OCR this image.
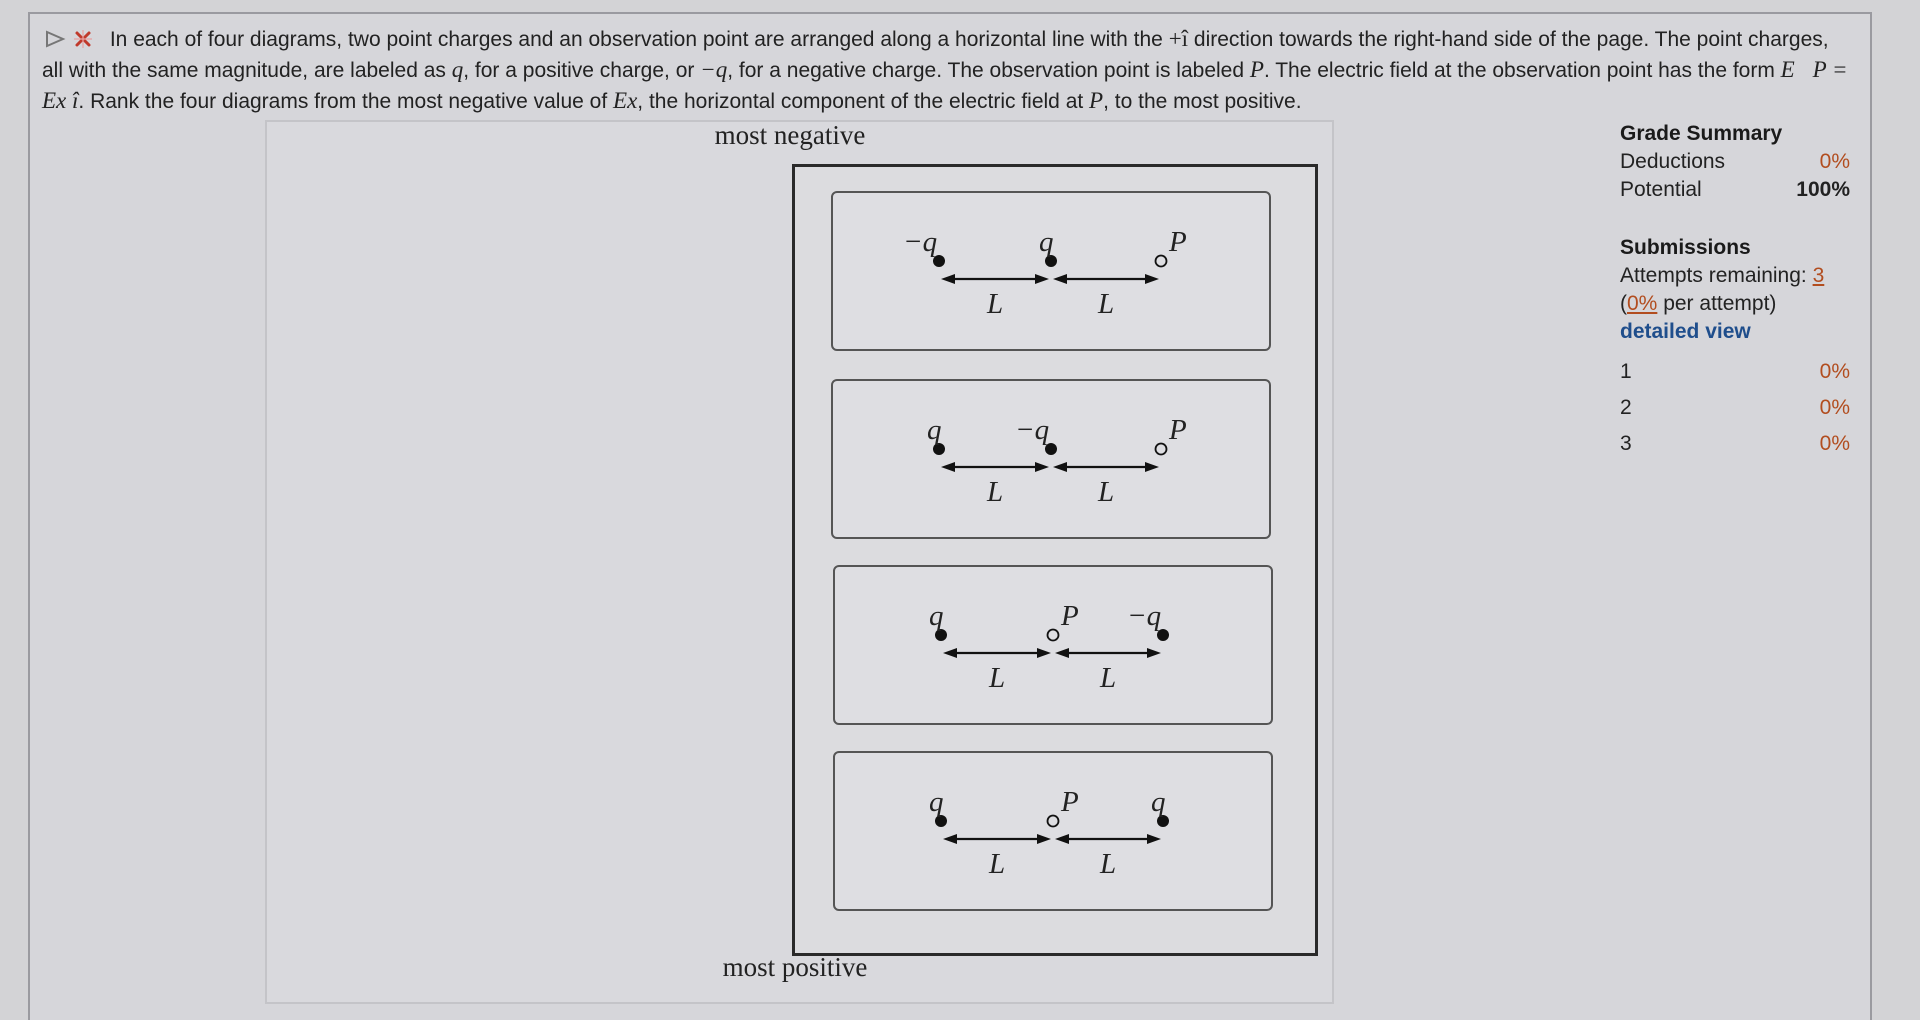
In each of four diagrams, two point charges and an observation point are arranged along a horizontal line with the +î direction towards the right-hand side of the page. The point charges, all with the same magnitude, are labeled as q, for a positive charge, or −q, for a negative charge. The observation point is labeled P. The electric field at the observation point has the form E⃗P = Ex î. Rank the four diagrams from the most negative value of Ex, the horizontal component of the electric field at P, to the most positive.
most negative
−q	q	P
L	L
q	−q	P
L	L
q	P −q
L	L
q	P q
L	L
most positive
Grade Summary
Deductions	0%
Potential	100%
Submissions
Attempts remaining: 3
(0% per attempt)
detailed view
1	0%
2	0%
3	0%
